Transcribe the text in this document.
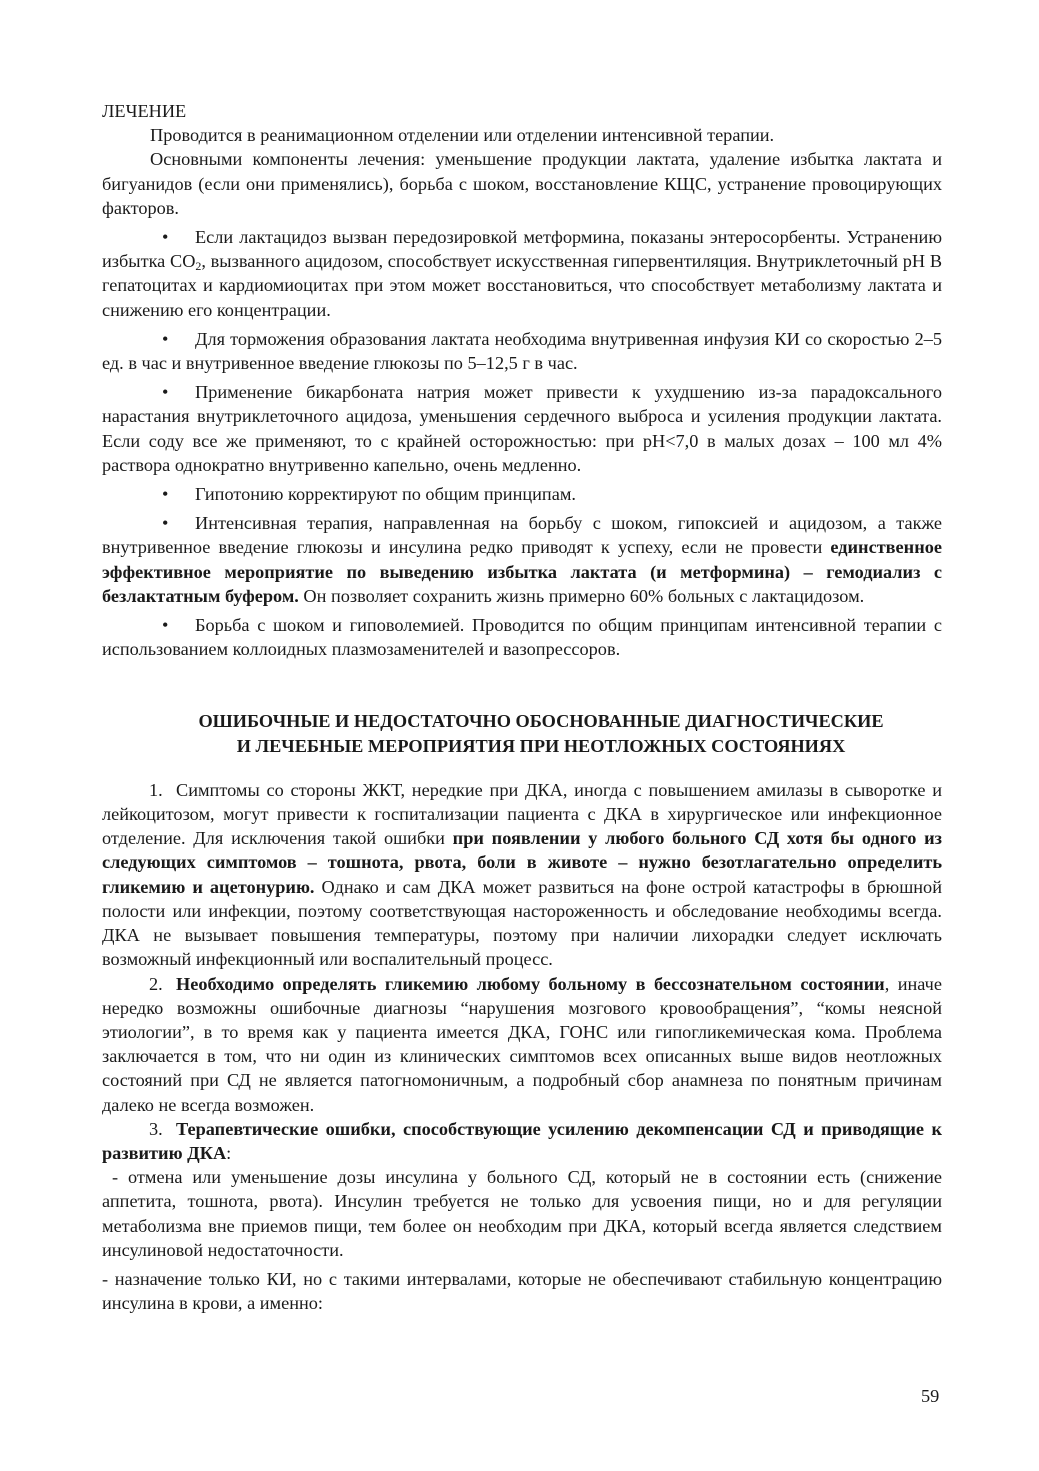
ЛЕЧЕНИЕ

Проводится в реанимационном отделении или отделении интенсивной терапии.

Основными компоненты лечения: уменьшение продукции лактата, удаление избытка лактата и бигуанидов (если они применялись), борьба с шоком, восстановление КЩС, устранение провоцирующих факторов.

• Если лактацидоз вызван передозировкой метформина, показаны энтеросорбенты. Устранению избытка $СО_2$, вызванного ацидозом, способствует искусственная гипервентиляция. Внутриклеточный pH В гепатоцитах и кардиомиоцитах при этом может восстановиться, что способствует метаболизму лактата и снижению его концентрации.

• Для торможения образования лактата необходима внутривенная инфузия КИ со скоростью 2–5 ед. в час и внутривенное введение глюкозы по 5–12,5 г в час.

• Применение бикарбоната натрия может привести к ухудшению из-за парадоксального нарастания внутриклеточного ацидоза, уменьшения сердечного выброса и усиления продукции лактата. Если соду все же применяют, то с крайней осторожностью: при pH<7,0 в малых дозах – 100 мл 4% раствора однократно внутривенно капельно, очень медленно.

• Гипотонию корректируют по общим принципам.

• Интенсивная терапия, направленная на борьбу с шоком, гипоксией и ацидозом, а также внутривенное введение глюкозы и инсулина редко приводят к успеху, если не провести единственное эффективное мероприятие по выведению избытка лактата (и метформина) – гемодиализ с безлактатным буфером. Он позволяет сохранить жизнь примерно 60% больных с лактацидозом.

• Борьба с шоком и гиповолемией. Проводится по общим принципам интенсивной терапии с использованием коллоидных плазмозаменителей и вазопрессоров.

ОШИБОЧНЫЕ И НЕДОСТАТОЧНО ОБОСНОВАННЫЕ ДИАГНОСТИЧЕСКИЕ
И ЛЕЧЕБНЫЕ МЕРОПРИЯТИЯ ПРИ НЕОТЛОЖНЫХ СОСТОЯНИЯХ

1. Симптомы со стороны ЖКТ, нередкие при ДКА, иногда с повышением амилазы в сыворотке и лейкоцитозом, могут привести к госпитализации пациента с ДКА в хирургическое или инфекционное отделение. Для исключения такой ошибки при появлении у любого больного СД хотя бы одного из следующих симптомов – тошнота, рвота, боли в животе – нужно безотлагательно определить гликемию и ацетонурию. Однако и сам ДКА может развиться на фоне острой катастрофы в брюшной полости или инфекции, поэтому соответствующая настороженность и обследование необходимы всегда. ДКА не вызывает повышения температуры, поэтому при наличии лихорадки следует исключать возможный инфекционный или воспалительный процесс.

2. Необходимо определять гликемию любому больному в бессознательном состоянии, иначе нередко возможны ошибочные диагнозы “нарушения мозгового кровообращения”, “комы неясной этиологии”, в то время как у пациента имеется ДКА, ГОНС или гипогликемическая кома. Проблема заключается в том, что ни один из клинических симптомов всех описанных выше видов неотложных состояний при СД не является патогномоничным, а подробный сбор анамнеза по понятным причинам далеко не всегда возможен.

3. Терапевтические ошибки, способствующие усилению декомпенсации СД и приводящие к развитию ДКА:

- отмена или уменьшение дозы инсулина у больного СД, который не в состоянии есть (снижение аппетита, тошнота, рвота). Инсулин требуется не только для усвоения пищи, но и для регуляции метаболизма вне приемов пищи, тем более он необходим при ДКА, который всегда является следствием инсулиновой недостаточности.

- назначение только КИ, но с такими интервалами, которые не обеспечивают стабильную концентрацию инсулина в крови, а именно:

59
